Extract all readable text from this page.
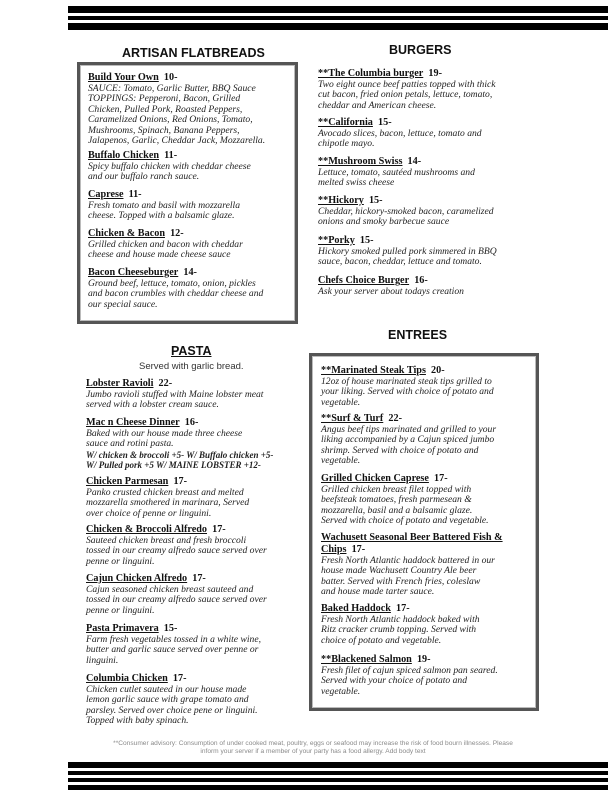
ARTISAN FLATBREADS	BURGERS
ENTREES
PASTA
Served with garlic bread.
Build Your Own 10-
SAUCE: Tomato, Garlic Butter, BBQ Sauce
TOPPINGS: Pepperoni, Bacon, Grilled
Chicken, Pulled Pork, Roasted Peppers,
Caramelized Onions, Red Onions, Tomato,
Mushrooms, Spinach, Banana Peppers,
Jalapenos, Garlic, Cheddar Jack, Mozzarella.
Buffalo Chicken 11-
Spicy buffalo chicken with cheddar cheese
and our buffalo ranch sauce.
Caprese 11-
Fresh tomato and basil with mozzarella
cheese. Topped with a balsamic glaze.
Chicken & Bacon 12-
Grilled chicken and bacon with cheddar
cheese and house made cheese sauce
Bacon Cheeseburger 14-
Ground beef, lettuce, tomato, onion, pickles
and bacon crumbles with cheddar cheese and
our special sauce.
**The Columbia burger 19-
Two eight ounce beef patties topped with thick
cut bacon, fried onion petals, lettuce, tomato,
cheddar and American cheese.
**California 15-
Avocado slices, bacon, lettuce, tomato and
chipotle mayo.
**Mushroom Swiss 14-
Lettuce, tomato, sautéed mushrooms and
melted swiss cheese
**Hickory 15-
Cheddar, hickory-smoked bacon, caramelized
onions and smoky barbecue sauce
**Porky 15-
Hickory smoked pulled pork simmered in BBQ
sauce, bacon, cheddar, lettuce and tomato.
Chefs Choice Burger 16-
Ask your server about todays creation
Lobster Ravioli 22-
Jumbo ravioli stuffed with Maine lobster meat
served with a lobster cream sauce.
Mac n Cheese Dinner 16-
Baked with our house made three cheese
sauce and rotini pasta.
W/ chicken & broccoli +5- W/ Buffalo chicken +5-
W/ Pulled pork +5 W/ MAINE LOBSTER +12-
Chicken Parmesan 17-
Panko crusted chicken breast and melted
mozzarella smothered in marinara, Served
over choice of penne or linguini.
Chicken & Broccoli Alfredo 17-
Sauteed chicken breast and fresh broccoli
tossed in our creamy alfredo sauce served over
penne or linguini.
Cajun Chicken Alfredo 17-
Cajun seasoned chicken breast sauteed and
tossed in our creamy alfredo sauce served over
penne or linguini.
Pasta Primavera 15-
Farm fresh vegetables tossed in a white wine,
butter and garlic sauce served over penne or
linguini.
Columbia Chicken 17-
Chicken cutlet sauteed in our house made
lemon garlic sauce with grape tomato and
parsley. Served over choice pene or linguini.
Topped with baby spinach.
**Marinated Steak Tips 20-
12oz of house marinated steak tips grilled to
your liking. Served with choice of potato and
vegetable.
**Surf & Turf 22-
Angus beef tips marinated and grilled to your
liking accompanied by a Cajun spiced jumbo
shrimp. Served with choice of potato and
vegetable.
Grilled Chicken Caprese 17-
Grilled chicken breast filet topped with
beefsteak tomatoes, fresh parmesean &
mozzarella, basil and a balsamic glaze.
Served with choice of potato and vegetable.
Wachusett Seasonal Beer Battered Fish &
Chips 17-
Fresh North Atlantic haddock battered in our
house made Wachusett Country Ale beer
batter. Served with French fries, coleslaw
and house made tarter sauce.
Baked Haddock 17-
Fresh North Atlantic haddock baked with
Ritz cracker crumb topping. Served with
choice of potato and vegetable.
**Blackened Salmon 19-
Fresh filet of cajun spiced salmon pan seared.
Served with your choice of potato and
vegetable.
**Consumer advisory: Consumption of under cooked meat, poultry, eggs or seafood may increase the risk of food bourn illnesses. Please
inform your server if a member of your party has a food allergy. Add body text
